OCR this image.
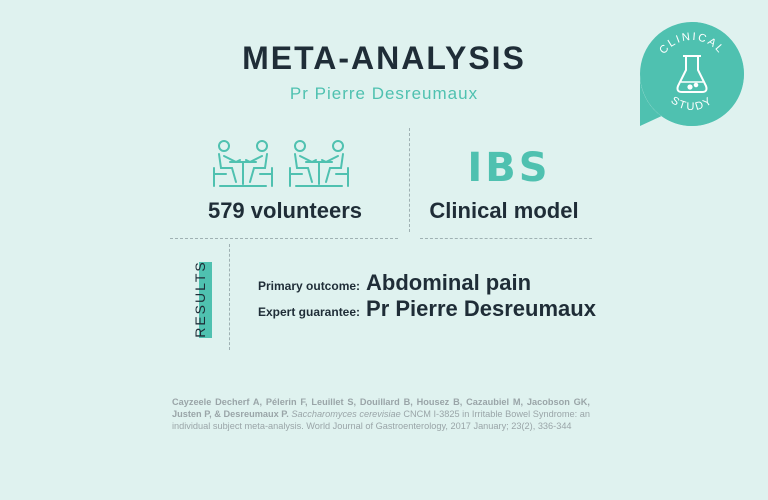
META-ANALYSIS
Pr Pierre Desreumaux
CLINICAL
STUDY
IBS
579 volunteers	Clinical model
RESULTS	Primary outcome: Abdominal pain
Expert guarantee: Pr Pierre Desreumaux
Cayzeele Decherf A, Pélerin F, Leuillet S, Douillard B, Housez B, Cazaubiel M, Jacobson GK, Justen P, & Desreumaux P. Saccharomyces cerevisiae CNCM I-3825 in Irritable Bowel Syndrome: an individual subject meta-analysis. World Journal of Gastroenterology, 2017 January; 23(2), 336-344
